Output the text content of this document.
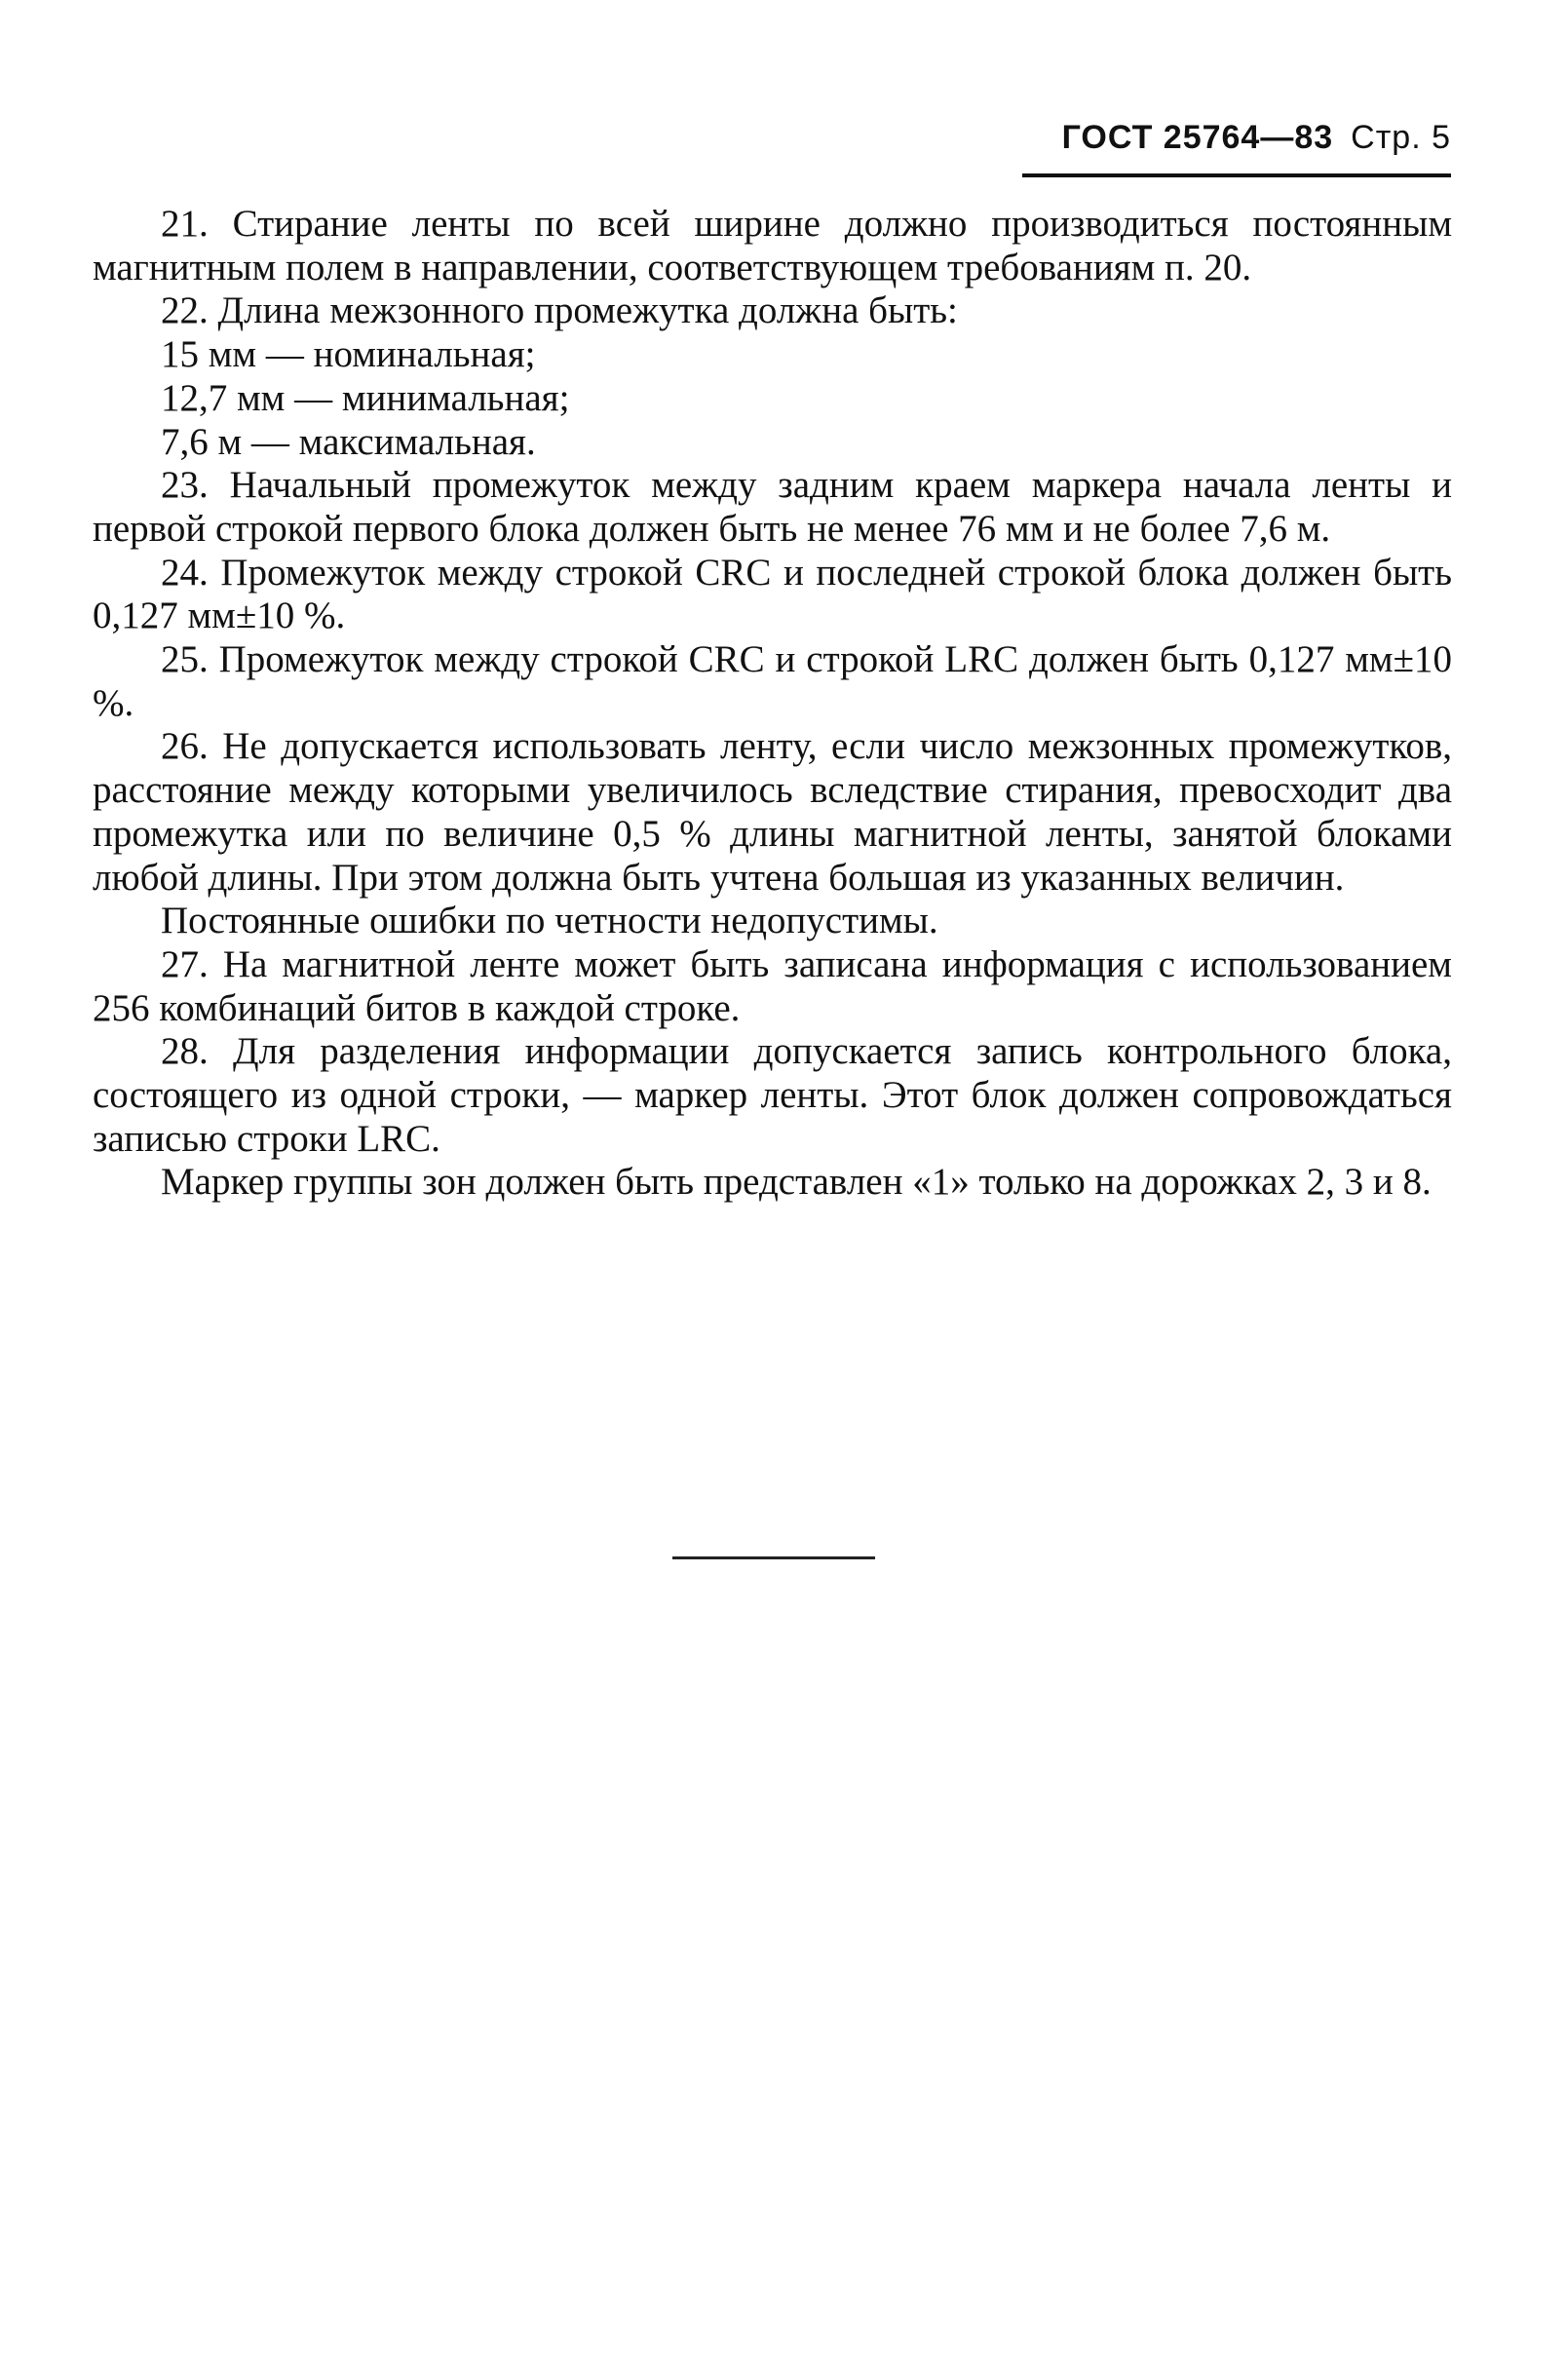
ГОСТ 25764—83 Стр. 5

21. Стирание ленты по всей ширине должно производиться постоянным магнитным полем в направлении, соответствующем требованиям п. 20.

22. Длина межзонного промежутка должна быть:

15 мм — номинальная;

12,7 мм — минимальная;

7,6 м — максимальная.

23. Начальный промежуток между задним краем маркера начала ленты и первой строкой первого блока должен быть не менее 76 мм и не более 7,6 м.

24. Промежуток между строкой CRC и последней строкой блока должен быть 0,127 мм±10 %.

25. Промежуток между строкой CRC и строкой LRC должен быть 0,127 мм±10 %.

26. Не допускается использовать ленту, если число межзонных промежутков, расстояние между которыми увеличилось вследствие стирания, превосходит два промежутка или по величине 0,5 % длины магнитной ленты, занятой блоками любой длины. При этом должна быть учтена большая из указанных величин.

Постоянные ошибки по четности недопустимы.

27. На магнитной ленте может быть записана информация с использованием 256 комбинаций битов в каждой строке.

28. Для разделения информации допускается запись контрольного блока, состоящего из одной строки, — маркер ленты. Этот блок должен сопровождаться записью строки LRC.

Маркер группы зон должен быть представлен «1» только на дорожках 2, 3 и 8.
